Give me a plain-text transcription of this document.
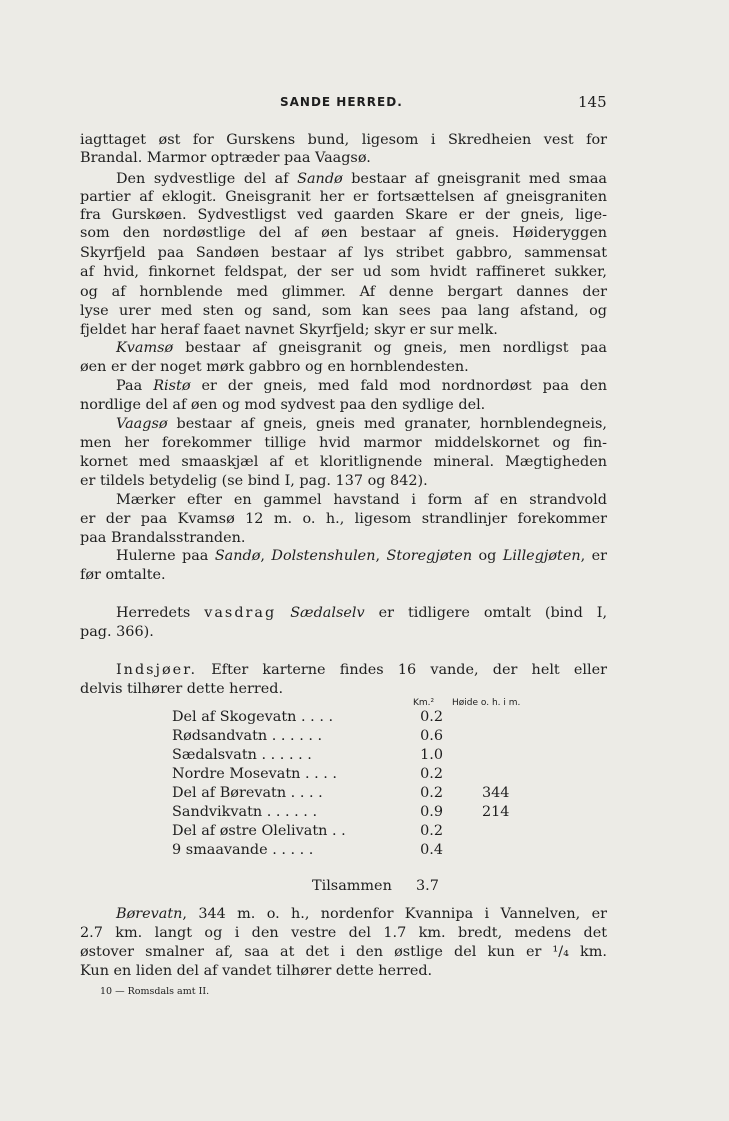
SANDE HERRED.	145
iagttaget øst for Gurskens bund, ligesom i Skredheien vest for
Brandal. Marmor optræder paa Vaagsø.
Den sydvestlige del af Sandø bestaar af gneisgranit med smaa
partier af eklogit. Gneisgranit her er fortsættelsen af gneisgraniten
fra Gurskøen. Sydvestligst ved gaarden Skare er der gneis, lige-
som den nordøstlige del af øen bestaar af gneis. Høideryggen
Skyrfjeld paa Sandøen bestaar af lys stribet gabbro, sammensat
af hvid, finkornet feldspat, der ser ud som hvidt raffineret sukker,
og af hornblende med glimmer. Af denne bergart dannes der
lyse urer med sten og sand, som kan sees paa lang afstand, og
fjeldet har heraf faaet navnet Skyrfjeld; skyr er sur melk.
Kvamsø bestaar af gneisgranit og gneis, men nordligst paa
øen er der noget mørk gabbro og en hornblendesten.
Paa Ristø er der gneis, med fald mod nordnordøst paa den
nordlige del af øen og mod sydvest paa den sydlige del.
Vaagsø bestaar af gneis, gneis med granater, hornblendegneis,
men her forekommer tillige hvid marmor middelskornet og fin-
kornet med smaaskjæl af et kloritlignende mineral. Mægtigheden
er tildels betydelig (se bind I, pag. 137 og 842).
Mærker efter en gammel havstand i form af en strandvold
er der paa Kvamsø 12 m. o. h., ligesom strandlinjer forekommer
paa Brandalsstranden.
Hulerne paa Sandø, Dolstenshulen, Storegjøten og Lillegjøten, er
før omtalte.
Herredets vasdrag Sædalselv er tidligere omtalt (bind I,
pag. 366).
Indsjøer. Efter karterne findes 16 vande, der helt eller
delvis tilhører dette herred.
Km.² Høide o. h. i m.
Del af Skogevatn . . . .	0.2
Rødsandvatn . . . . . .	0.6
Sædalsvatn . . . . . .	1.0
Nordre Mosevatn . . . .	0.2
Del af Børevatn . . . .	0.2	344
Sandvikvatn . . . . . .	0.9	214
Del af østre Olelivatn . .	0.2
9 smaavande . . . . .	0.4
Tilsammen 3.7
Børevatn, 344 m. o. h., nordenfor Kvannipa i Vannelven, er
2.7 km. langt og i den vestre del 1.7 km. bredt, medens det
østover smalner af, saa at det i den østlige del kun er ¹/₄ km.
Kun en liden del af vandet tilhører dette herred.
10 — Romsdals amt II.
